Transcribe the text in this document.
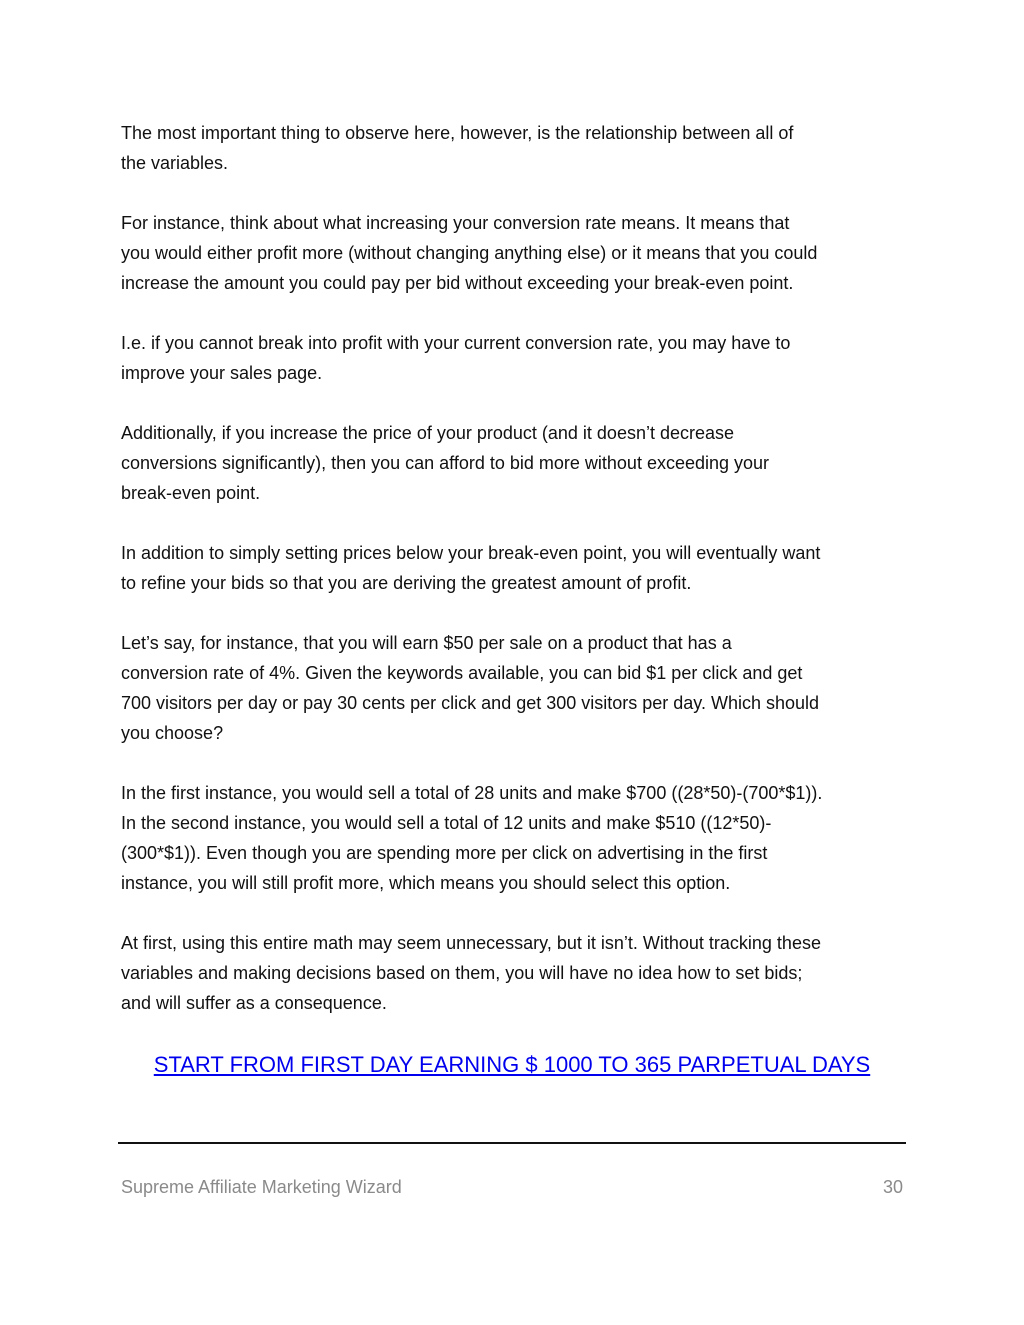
The most important thing to observe here, however, is the relationship between all of
the variables.

For instance, think about what increasing your conversion rate means. It means that
you would either profit more (without changing anything else) or it means that you could
increase the amount you could pay per bid without exceeding your break-even point.

I.e. if you cannot break into profit with your current conversion rate, you may have to
improve your sales page.

Additionally, if you increase the price of your product (and it doesn’t decrease
conversions significantly), then you can afford to bid more without exceeding your
break-even point.

In addition to simply setting prices below your break-even point, you will eventually want
to refine your bids so that you are deriving the greatest amount of profit.

Let’s say, for instance, that you will earn $50 per sale on a product that has a
conversion rate of 4%. Given the keywords available, you can bid $1 per click and get
700 visitors per day or pay 30 cents per click and get 300 visitors per day. Which should
you choose?

In the first instance, you would sell a total of 28 units and make $700 ((28*50)-(700*$1)).
In the second instance, you would sell a total of 12 units and make $510 ((12*50)-
(300*$1)). Even though you are spending more per click on advertising in the first
instance, you will still profit more, which means you should select this option.

At first, using this entire math may seem unnecessary, but it isn’t. Without tracking these
variables and making decisions based on them, you will have no idea how to set bids;
and will suffer as a consequence.

START FROM FIRST DAY EARNING $ 1000 TO 365 PARPETUAL DAYS
Supreme Affiliate Marketing Wizard	30
